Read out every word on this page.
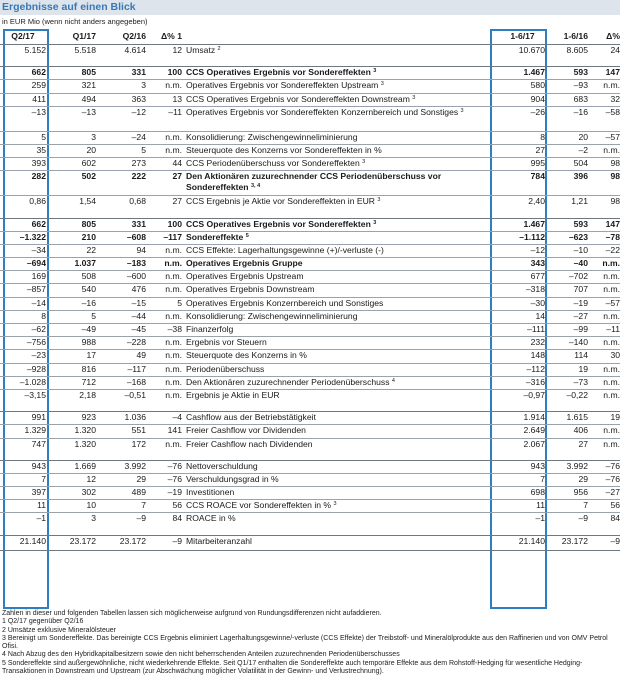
Ergebnisse auf einen Blick
in EUR Mio (wenn nicht anders angegeben)
Q2/17	Q1/17	Q2/16	Δ% 1		1-6/17	1-6/16	Δ%
5.152	5.518	4.614	12	Umsatz $^2$	10.670	8.605	24

662	805	331	100	CCS Operatives Ergebnis vor Sondereffekten $^3$	1.467	593	147
259	321	3	n.m.	Operatives Ergebnis vor Sondereffekten Upstream $^3$	580	–93	n.m.
411	494	363	13	CCS Operatives Ergebnis vor Sondereffekten Downstream $^3$	904	683	32
–13	–13	–12	–11	Operatives Ergebnis vor Sondereffekten Konzernbereich und Sonstiges $^3$	–26	–16	–58
5	3	–24	n.m.	Konsolidierung: Zwischengewinneliminierung	8	20	–57
35	20	5	n.m.	Steuerquote des Konzerns vor Sondereffekten in %	27	–2	n.m.
393	602	273	44	CCS Periodenüberschuss vor Sondereffekten $^3$	995	504	98
282	502	222	27	Den Aktionären zuzurechnender CCS Periodenüberschuss vor Sondereffekten $^{3, 4}$	784	396	98
0,86	1,54	0,68	27	CCS Ergebnis je Aktie vor Sondereffekten in EUR $^3$	2,40	1,21	98

662	805	331	100	CCS Operatives Ergebnis vor Sondereffekten $^3$	1.467	593	147
–1.322	210	–608	–117	Sondereffekte $^5$	–1.112	–623	–78
–34	22	94	n.m.	CCS Effekte: Lagerhaltungsgewinne (+)/-verluste (-)	–12	–10	–22
–694	1.037	–183	n.m.	Operatives Ergebnis Gruppe	343	–40	n.m.
169	508	–600	n.m.	Operatives Ergebnis Upstream	677	–702	n.m.
–857	540	476	n.m.	Operatives Ergebnis Downstream	–318	707	n.m.
–14	–16	–15	5	Operatives Ergebnis Konzernbereich und Sonstiges	–30	–19	–57
8	5	–44	n.m.	Konsolidierung: Zwischengewinneliminierung	14	–27	n.m.
–62	–49	–45	–38	Finanzerfolg	–111	–99	–11
–756	988	–228	n.m.	Ergebnis vor Steuern	232	–140	n.m.
–23	17	49	n.m.	Steuerquote des Konzerns in %	148	114	30
–928	816	–117	n.m.	Periodenüberschuss	–112	19	n.m.
–1.028	712	–168	n.m.	Den Aktionären zuzurechnender Periodenüberschuss $^4$	–316	–73	n.m.
–3,15	2,18	–0,51	n.m.	Ergebnis je Aktie in EUR	–0,97	–0,22	n.m.

991	923	1.036	–4	Cashflow aus der Betriebstätigkeit	1.914	1.615	19
1.329	1.320	551	141	Freier Cashflow vor Dividenden	2.649	406	n.m.
747	1.320	172	n.m.	Freier Cashflow nach Dividenden	2.067	27	n.m.

943	1.669	3.992	–76	Nettoverschuldung	943	3.992	–76
7	12	29	–76	Verschuldungsgrad in %	7	29	–76
397	302	489	–19	Investitionen	698	956	–27
11	10	7	56	CCS ROACE vor Sondereffekten in % $^3$	11	7	56
–1	3	–9	84	ROACE in %	–1	–9	84

21.140	23.172	23.172	–9	Mitarbeiteranzahl	21.140	23.172	–9
Zahlen in dieser und folgenden Tabellen lassen sich möglicherweise aufgrund von Rundungsdifferenzen nicht aufaddieren.
1 Q2/17 gegenüber Q2/16
2 Umsätze exklusive Mineralölsteuer
3 Bereinigt um Sondereffekte. Das bereinigte CCS Ergebnis eliminiert Lagerhaltungsgewinne/-verluste (CCS Effekte) der Treibstoff- und Mineralölprodukte aus den Raffinerien und von OMV Petrol Ofisi.
4 Nach Abzug des den Hybridkapitalbesitzern sowie den nicht beherrschenden Anteilen zuzurechnenden Periodenüberschusses
5 Sondereffekte sind außergewöhnliche, nicht wiederkehrende Effekte. Seit Q1/17 enthalten die Sondereffekte auch temporäre Effekte aus dem Rohstoff-Hedging für wesentliche Hedging-Transaktionen in Downstream und Upstream (zur Abschwächung möglicher Volatilität in der Gewinn- und Verlustrechnung).
